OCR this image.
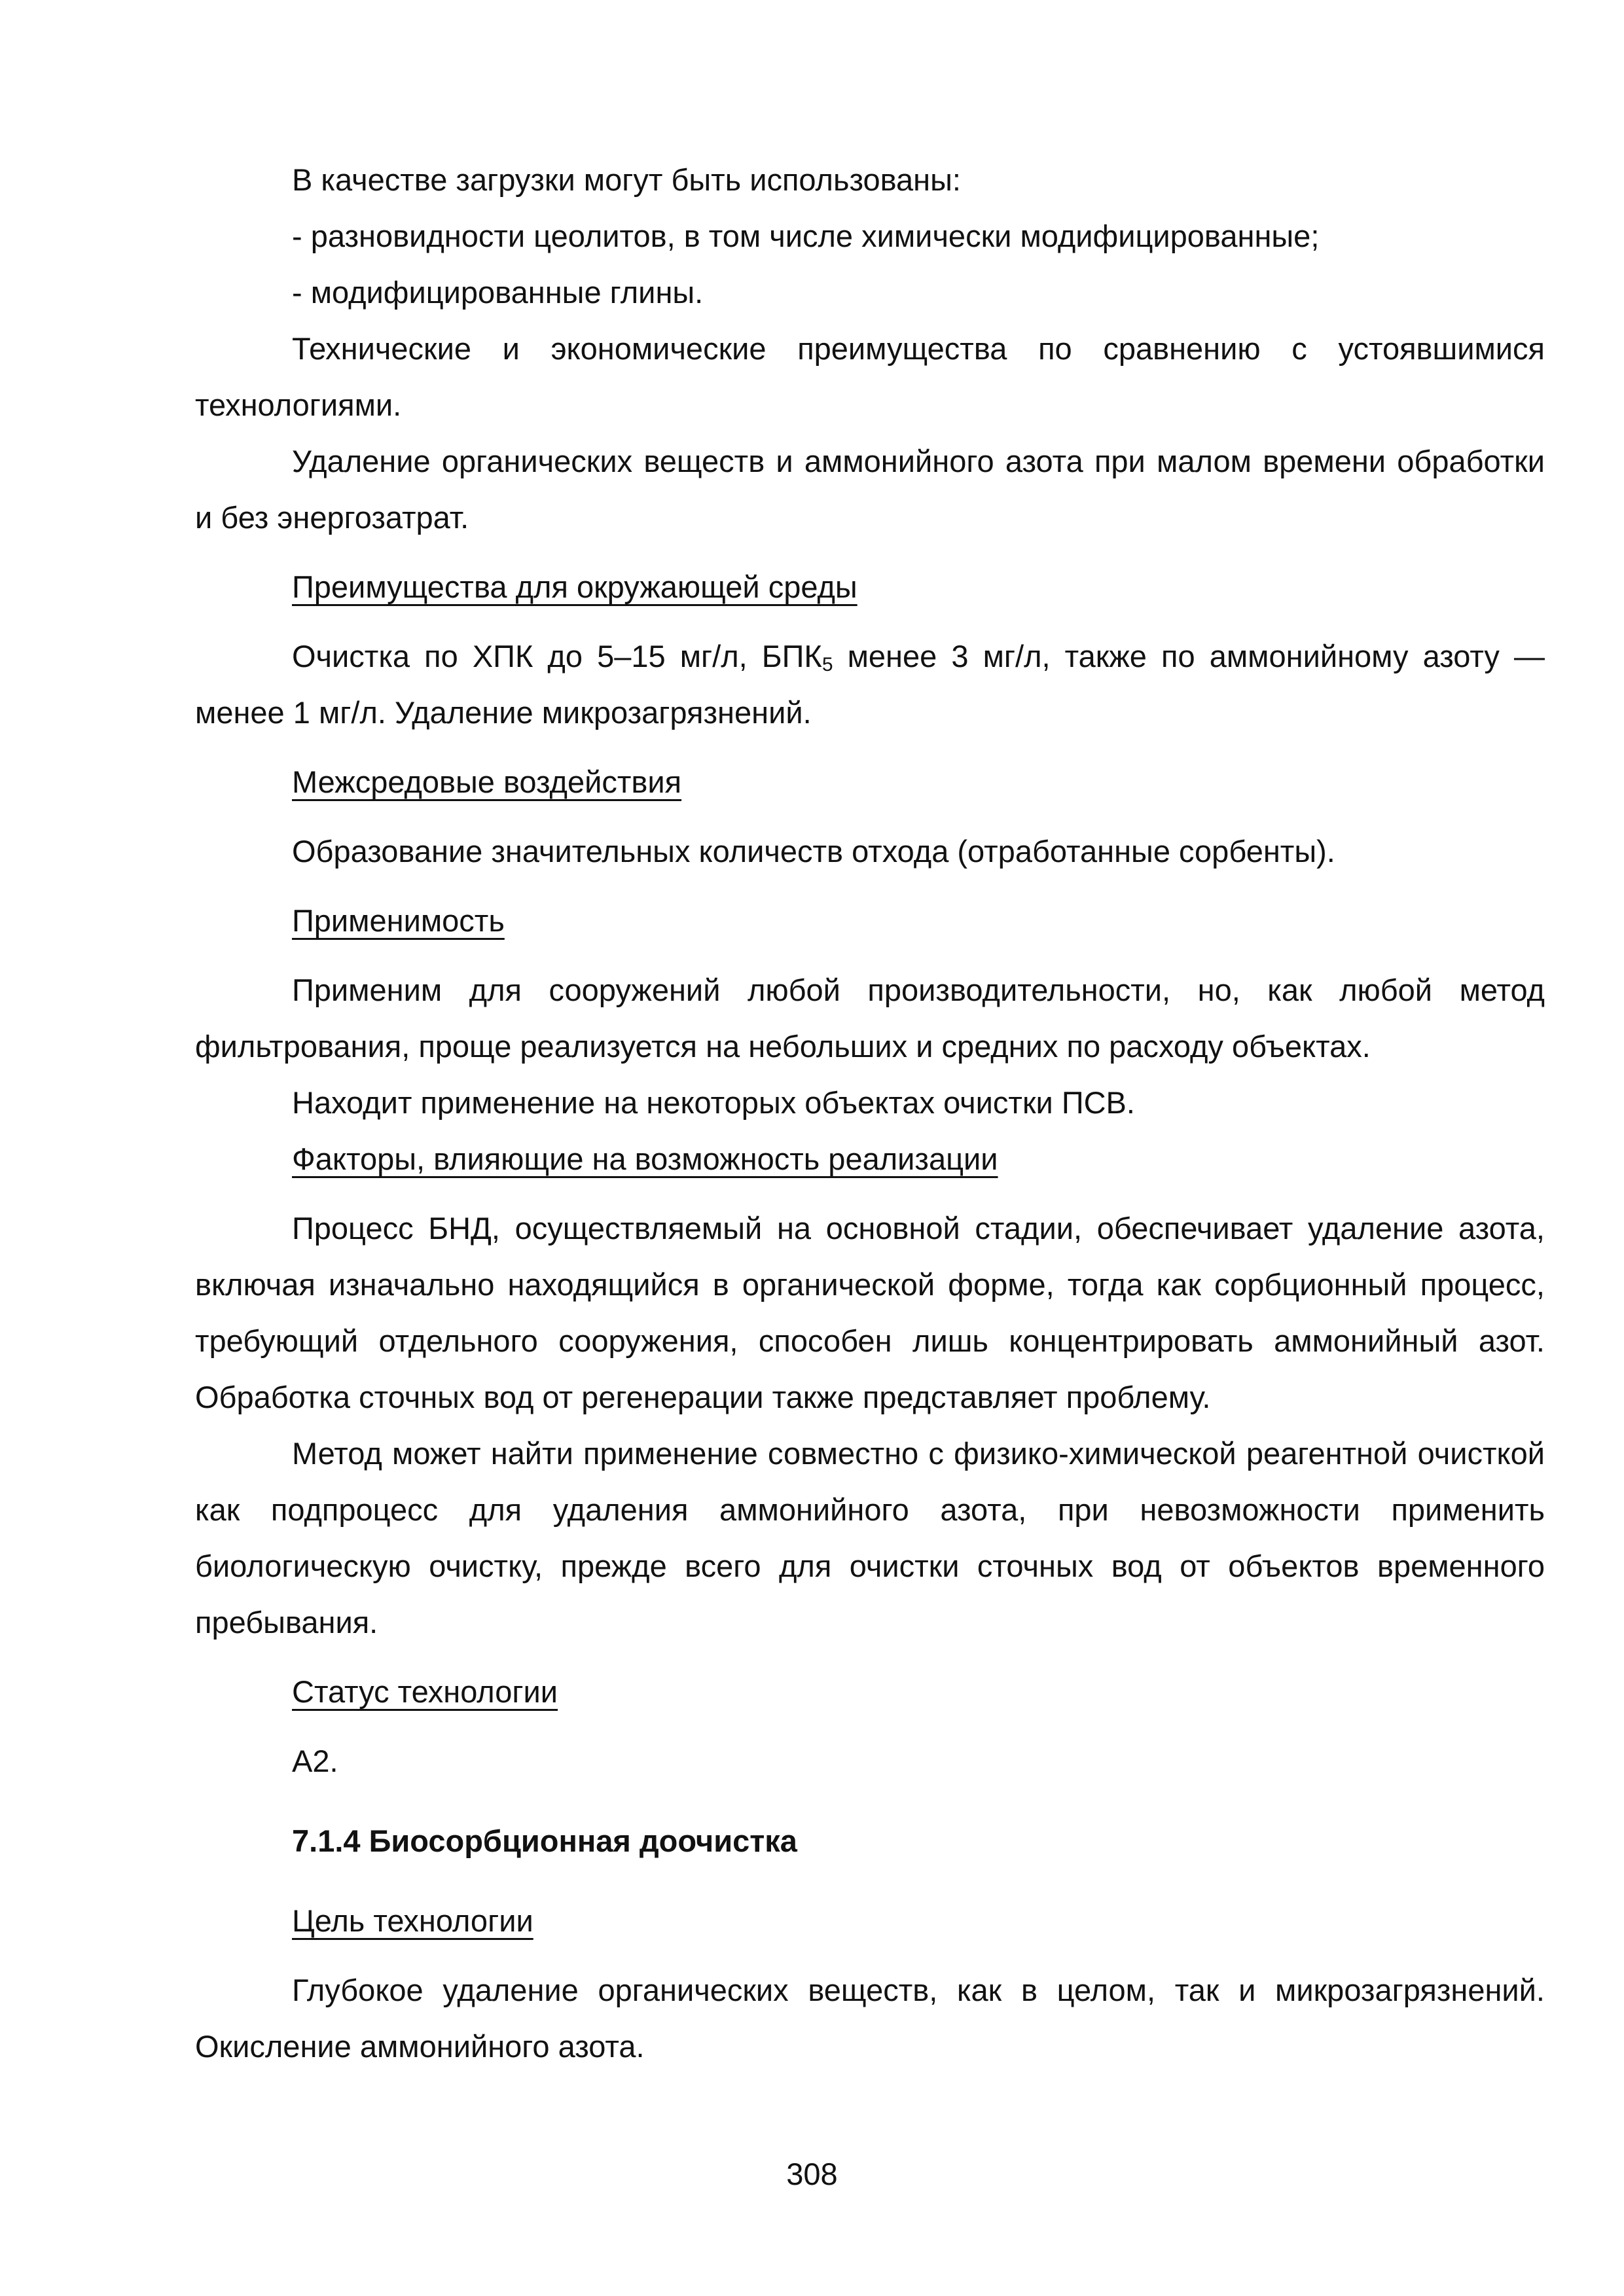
В качестве загрузки могут быть использованы:

- разновидности цеолитов, в том числе химически модифицированные;

- модифицированные глины.

Технические и экономические преимущества по сравнению с устоявшимися технологиями.

Удаление органических веществ и аммонийного азота при малом времени обработки и без энергозатрат.

Преимущества для окружающей среды

Очистка по ХПК до 5–15 мг/л, $БПК_5$ менее 3 мг/л, также по аммонийному азоту — менее 1 мг/л. Удаление микрозагрязнений.

Межсредовые воздействия

Образование значительных количеств отхода (отработанные сорбенты).

Применимость

Применим для сооружений любой производительности, но, как любой метод фильтрования, проще реализуется на небольших и средних по расходу объектах.

Находит применение на некоторых объектах очистки ПСВ.

Факторы, влияющие на возможность реализации

Процесс БНД, осуществляемый на основной стадии, обеспечивает удаление азота, включая изначально находящийся в органической форме, тогда как сорбционный процесс, требующий отдельного сооружения, способен лишь концентрировать аммонийный азот. Обработка сточных вод от регенерации также представляет проблему.

Метод может найти применение совместно с физико-химической реагентной очисткой как подпроцесс для удаления аммонийного азота, при невозможности применить биологическую очистку, прежде всего для очистки сточных вод от объектов временного пребывания.

Статус технологии

А2.

7.1.4 Биосорбционная доочистка

Цель технологии

Глубокое удаление органических веществ, как в целом, так и микрозагрязнений. Окисление аммонийного азота.

308
